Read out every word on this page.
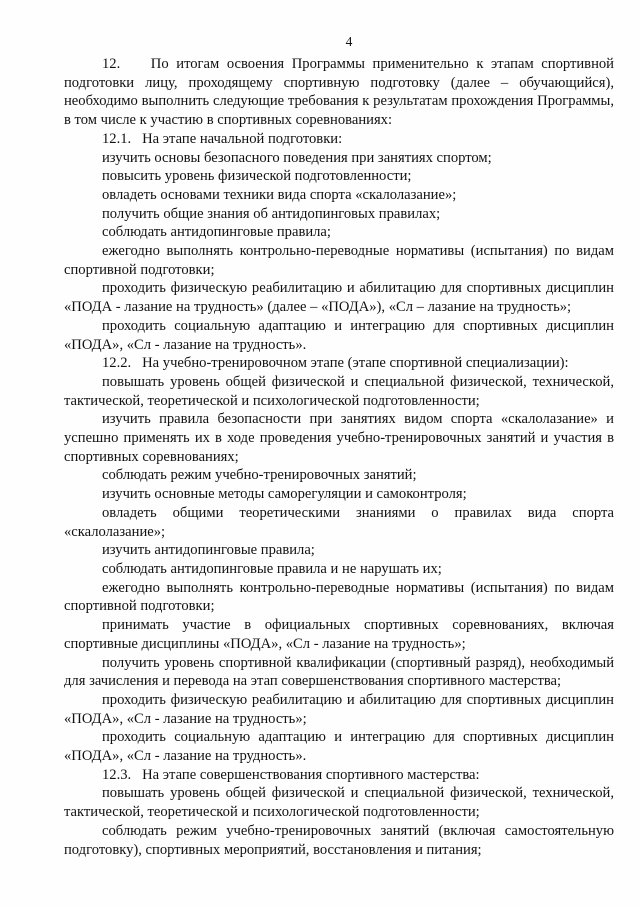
4

12.    По итогам освоения Программы применительно к этапам спортивной подготовки лицу, проходящему спортивную подготовку (далее – обучающийся), необходимо выполнить следующие требования к результатам прохождения Программы, в том числе к участию в спортивных соревнованиях:

12.1.   На этапе начальной подготовки:

изучить основы безопасного поведения при занятиях спортом;

повысить уровень физической подготовленности;

овладеть основами техники вида спорта «скалолазание»;

получить общие знания об антидопинговых правилах;

соблюдать антидопинговые правила;

ежегодно выполнять контрольно-переводные нормативы (испытания) по видам спортивной подготовки;

проходить физическую реабилитацию и абилитацию для спортивных дисциплин «ПОДА - лазание на трудность» (далее – «ПОДА»), «Сл – лазание на трудность»;

проходить социальную адаптацию и интеграцию для спортивных дисциплин «ПОДА», «Сл - лазание на трудность».

12.2.   На учебно-тренировочном этапе (этапе спортивной специализации):

повышать уровень общей физической и специальной физической, технической, тактической, теоретической и психологической подготовленности;

изучить правила безопасности при занятиях видом спорта «скалолазание» и успешно применять их в ходе проведения учебно-тренировочных занятий и участия в спортивных соревнованиях;

соблюдать режим учебно-тренировочных занятий;

изучить основные методы саморегуляции и самоконтроля;

овладеть общими теоретическими знаниями о правилах вида спорта «скалолазание»;

изучить антидопинговые правила;

соблюдать антидопинговые правила и не нарушать их;

ежегодно выполнять контрольно-переводные нормативы (испытания) по видам спортивной подготовки;

принимать участие в официальных спортивных соревнованиях, включая спортивные дисциплины «ПОДА», «Сл - лазание на трудность»;

получить уровень спортивной квалификации (спортивный разряд), необходимый для зачисления и перевода на этап совершенствования спортивного мастерства;

проходить физическую реабилитацию и абилитацию для спортивных дисциплин «ПОДА», «Сл - лазание на трудность»;

проходить социальную адаптацию и интеграцию для спортивных дисциплин «ПОДА», «Сл - лазание на трудность».

12.3.   На этапе совершенствования спортивного мастерства:

повышать уровень общей физической и специальной физической, технической, тактической, теоретической и психологической подготовленности;

соблюдать режим учебно-тренировочных занятий (включая самостоятельную подготовку), спортивных мероприятий, восстановления и питания;
